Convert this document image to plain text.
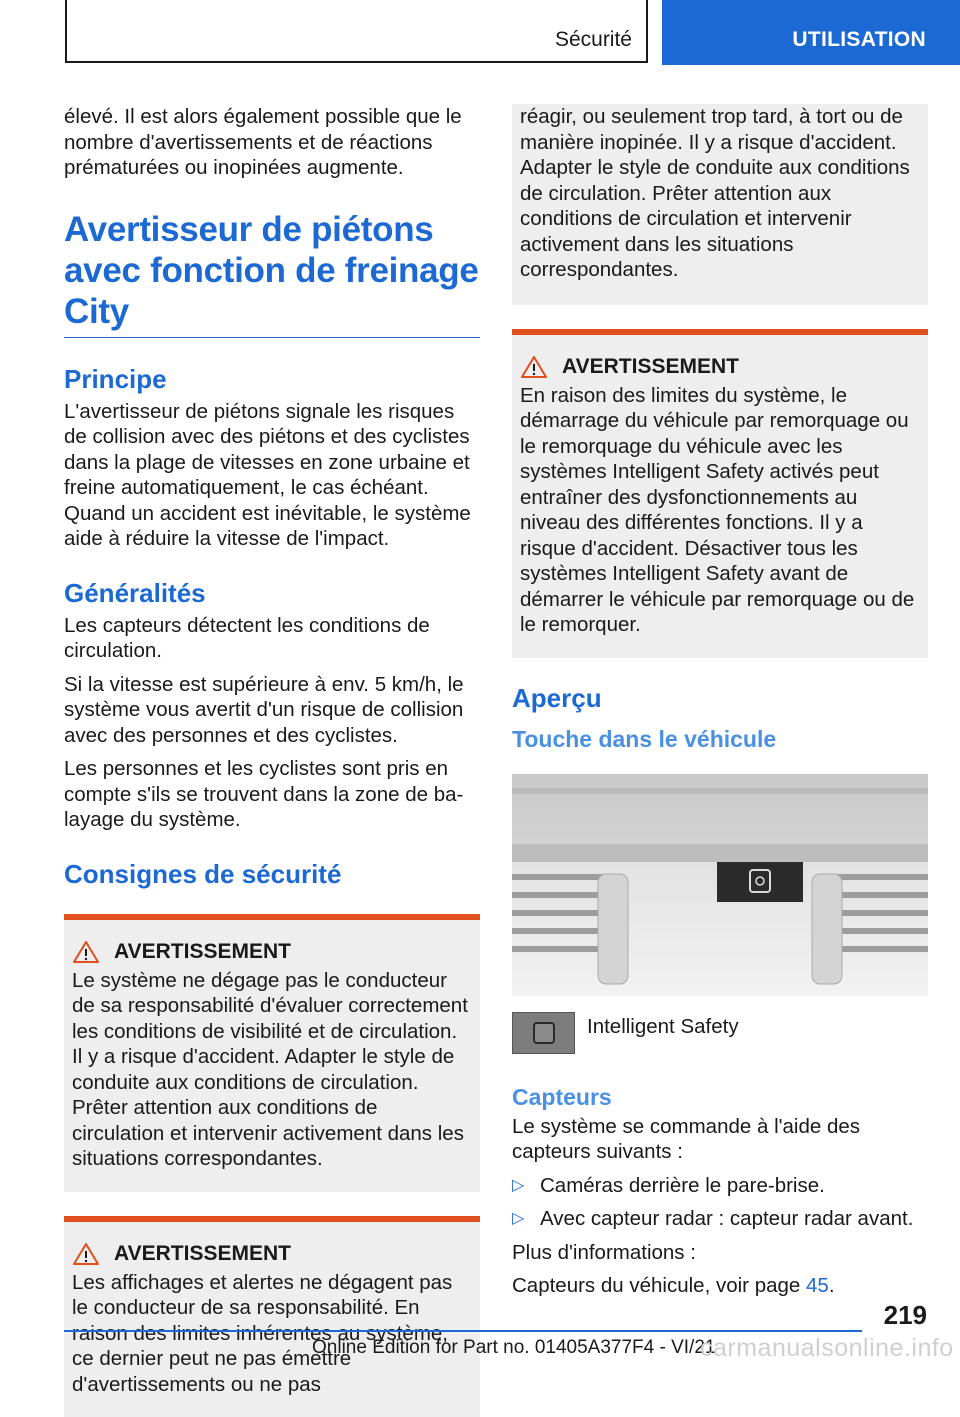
Sécurité	UTILISATION

élevé. Il est alors également possible que le nombre d'avertissements et de réactions prématurées ou inopinées augmente.

Avertisseur de piétons avec fonction de freinage City
Principe

L'avertisseur de piétons signale les risques de collision avec des piétons et des cyclistes dans la plage de vitesses en zone urbaine et freine automatiquement, le cas échéant. Quand un accident est inévitable, le système aide à réduire la vitesse de l'impact.

Généralités

Les capteurs détectent les conditions de circulation.

Si la vitesse est supérieure à env. 5 km/h, le système vous avertit d'un risque de collision avec des personnes et des cyclistes.

Les personnes et les cyclistes sont pris en compte s'ils se trouvent dans la zone de balayage du système.

Consignes de sécurité
AVERTISSEMENT

Le système ne dégage pas le conducteur de sa responsabilité d'évaluer correctement les conditions de visibilité et de circulation. Il y a risque d'accident. Adapter le style de conduite aux conditions de circulation. Prêter attention aux conditions de circulation et intervenir activement dans les situations correspondantes.

AVERTISSEMENT

Les affichages et alertes ne dégagent pas le conducteur de sa responsabilité. En raison des limites inhérentes au système, ce dernier peut ne pas émettre d'avertissements ou ne pas

réagir, ou seulement trop tard, à tort ou de manière inopinée. Il y a risque d'accident. Adapter le style de conduite aux conditions de circulation. Prêter attention aux conditions de circulation et intervenir activement dans les situations correspondantes.

AVERTISSEMENT

En raison des limites du système, le démarrage du véhicule par remorquage ou le remorquage du véhicule avec les systèmes Intelligent Safety activés peut entraîner des dysfonctionnements au niveau des différentes fonctions. Il y a risque d'accident. Désactiver tous les systèmes Intelligent Safety avant de démarrer le véhicule par remorquage ou de le remorquer.

Aperçu
Touche dans le véhicule
Intelligent Safety
Capteurs

Le système se commande à l'aide des capteurs suivants :

▷ Caméras derrière le pare-brise.
▷ Avec capteur radar : capteur radar avant.

Plus d'informations :

Capteurs du véhicule, voir page 45.

219
Online Edition for Part no. 01405A377F4 - VI/21
carmanualsonline.info
